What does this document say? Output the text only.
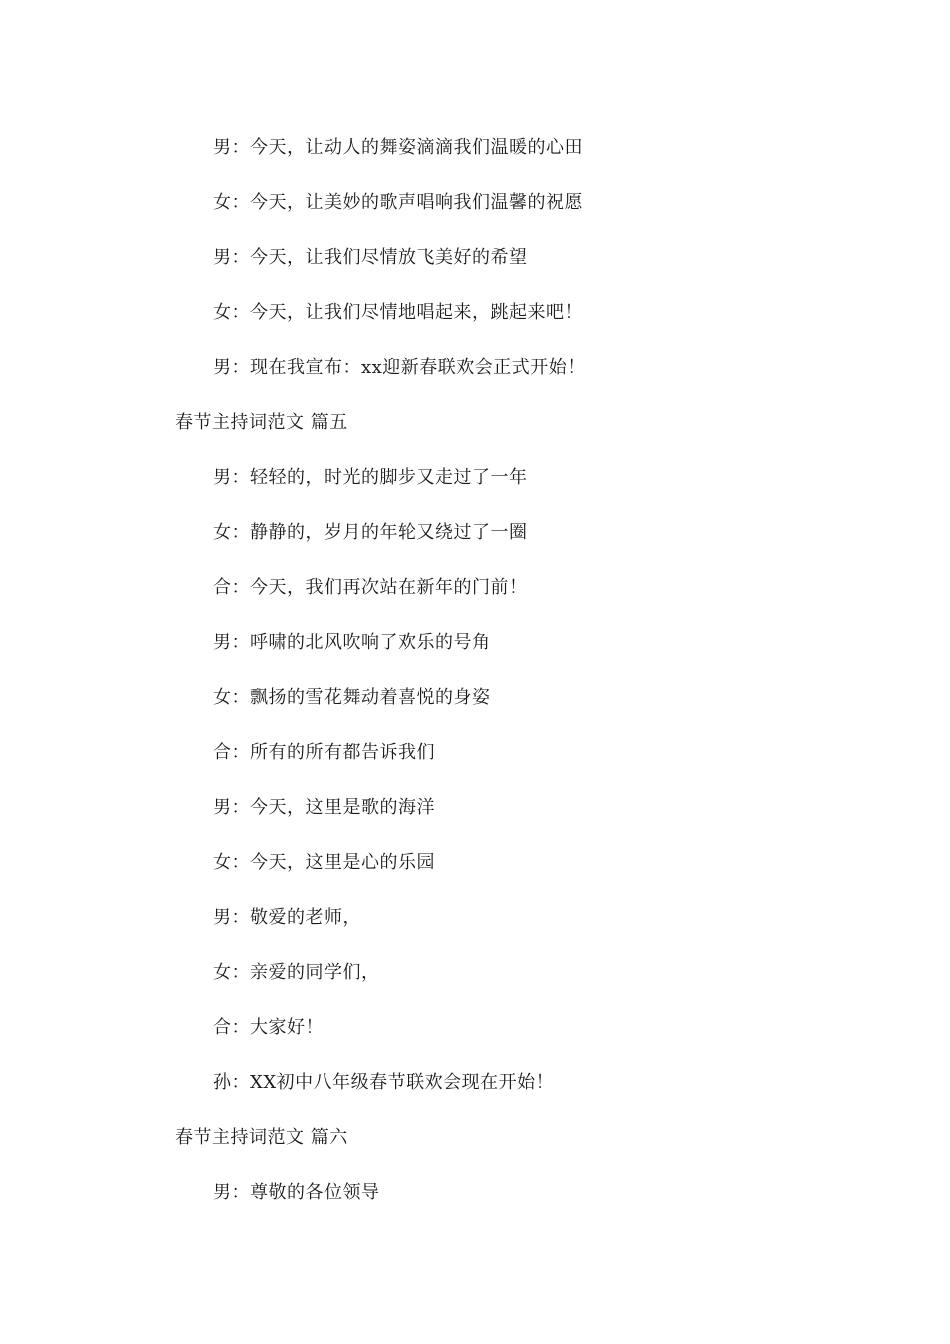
男：今天，让动人的舞姿滴滴我们温暖的心田
女：今天，让美妙的歌声唱响我们温馨的祝愿
男：今天，让我们尽情放飞美好的希望
女：今天，让我们尽情地唱起来，跳起来吧！
男：现在我宣布：xx迎新春联欢会正式开始！
春节主持词范文 篇五
男：轻轻的，时光的脚步又走过了一年
女：静静的，岁月的年轮又绕过了一圈
合：今天，我们再次站在新年的门前！
男：呼啸的北风吹响了欢乐的号角
女：飘扬的雪花舞动着喜悦的身姿
合：所有的所有都告诉我们
男：今天，这里是歌的海洋
女：今天，这里是心的乐园
男：敬爱的老师，
女：亲爱的同学们，
合：大家好！
孙：XX初中八年级春节联欢会现在开始！
春节主持词范文 篇六
男：尊敬的各位领导
